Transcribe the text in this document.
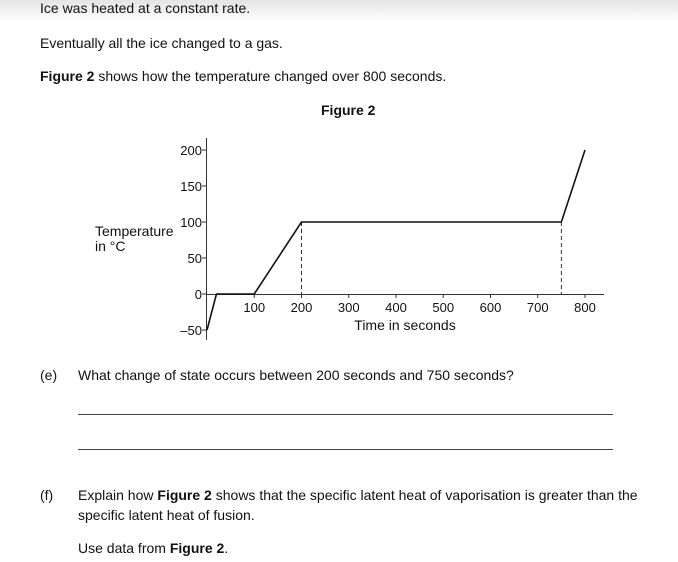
Ice was heated at a constant rate.
Eventually all the ice changed to a gas.
Figure 2 shows how the temperature changed over 800 seconds.
Figure 2
200
150
100
50
0
–50
100 200 300 400 500 600 700 800
Temperature
in °C
Time in seconds
(e) What change of state occurs between 200 seconds and 750 seconds?
(f) Explain how Figure 2 shows that the specific latent heat of vaporisation is greater than the
specific latent heat of fusion.
Use data from Figure 2.
